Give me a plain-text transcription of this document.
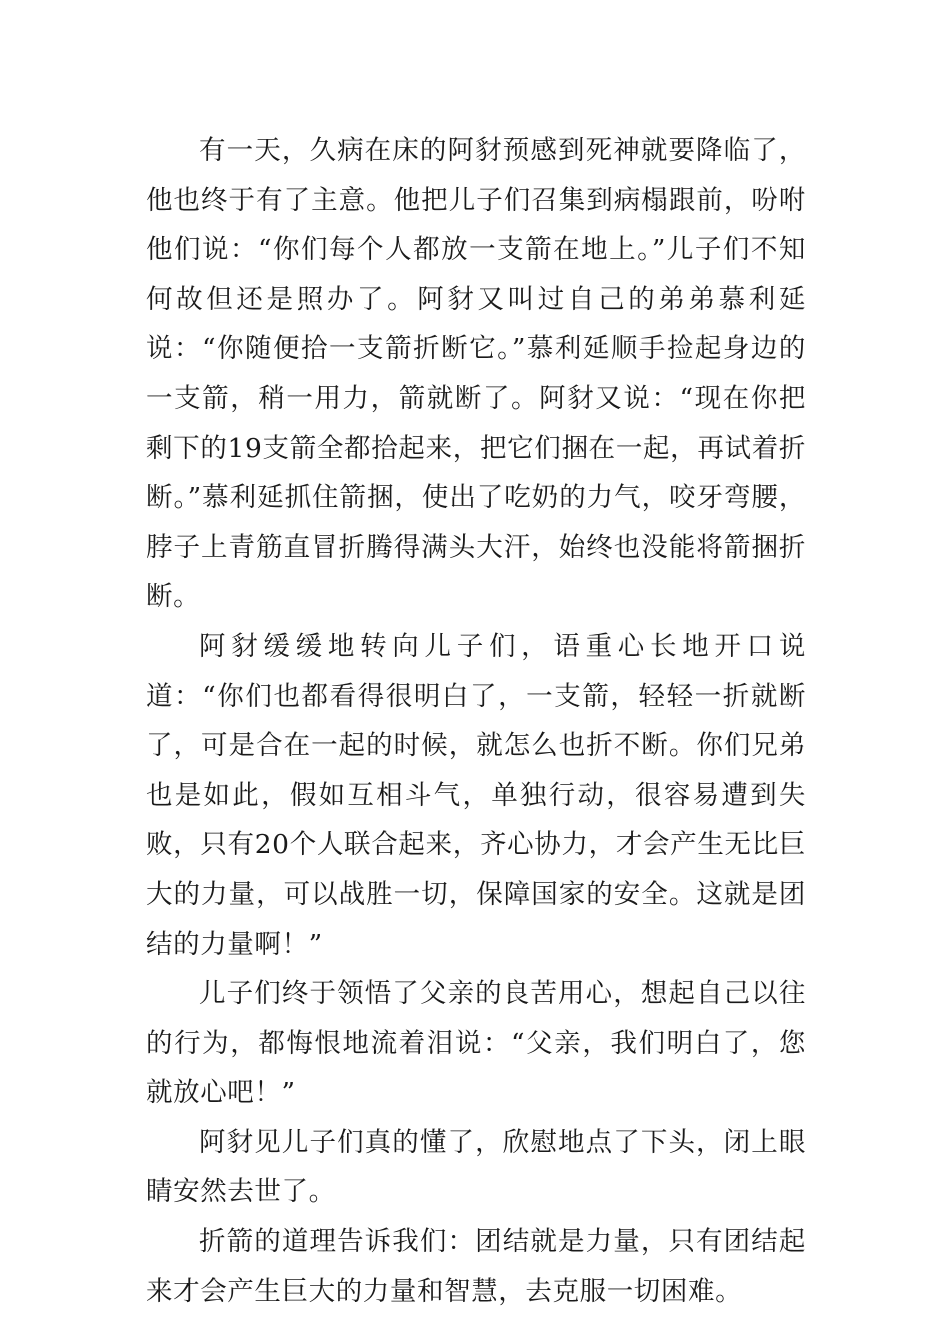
有一天，久病在床的阿豺预感到死神就要降临了，他也终于有了主意。他把儿子们召集到病榻跟前，吩咐他们说：“你们每个人都放一支箭在地上。”儿子们不知何故但还是照办了。阿豺又叫过自己的弟弟慕利延说：“你随便拾一支箭折断它。”慕利延顺手捡起身边的一支箭，稍一用力，箭就断了。阿豺又说：“现在你把剩下的19支箭全都拾起来，把它们捆在一起，再试着折断。”慕利延抓住箭捆，使出了吃奶的力气，咬牙弯腰，脖子上青筋直冒折腾得满头大汗，始终也没能将箭捆折断。

阿豺缓缓地转向儿子们，语重心长地开口说道：“你们也都看得很明白了，一支箭，轻轻一折就断了，可是合在一起的时候，就怎么也折不断。你们兄弟也是如此，假如互相斗气，单独行动，很容易遭到失败，只有20个人联合起来，齐心协力，才会产生无比巨大的力量，可以战胜一切，保障国家的安全。这就是团结的力量啊！”

儿子们终于领悟了父亲的良苦用心，想起自己以往的行为，都悔恨地流着泪说：“父亲，我们明白了，您就放心吧！”

阿豺见儿子们真的懂了，欣慰地点了下头，闭上眼睛安然去世了。

折箭的道理告诉我们：团结就是力量，只有团结起来才会产生巨大的力量和智慧，去克服一切困难。
